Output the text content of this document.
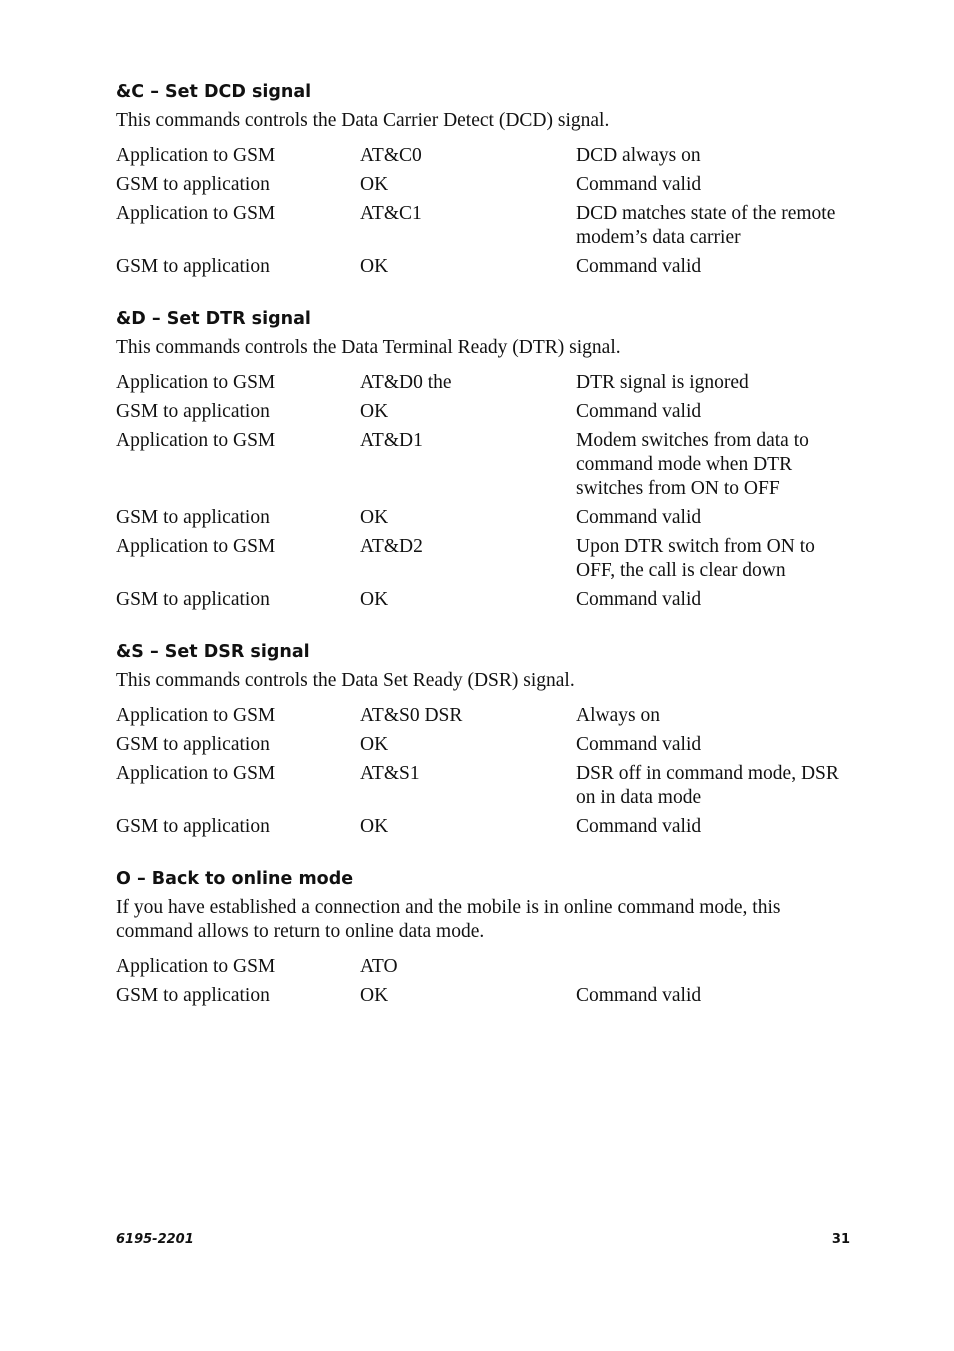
&C – Set DCD signal
This commands controls the Data Carrier Detect (DCD) signal.
Application to GSM	AT&C0	DCD always on
GSM to application	OK	Command valid
Application to GSM	AT&C1	DCD matches state of the remote modem’s data carrier
GSM to application	OK	Command valid
&D – Set DTR signal
This commands controls the Data Terminal Ready (DTR) signal.
Application to GSM	AT&D0 the	DTR signal is ignored
GSM to application	OK	Command valid
Application to GSM	AT&D1	Modem switches from data to command mode when DTR switches from ON to OFF
GSM to application	OK	Command valid
Application to GSM	AT&D2	Upon DTR switch from ON to OFF, the call is clear down
GSM to application	OK	Command valid
&S – Set DSR signal
This commands controls the Data Set Ready (DSR) signal.
Application to GSM	AT&S0 DSR	Always on
GSM to application	OK	Command valid
Application to GSM	AT&S1	DSR off in command mode, DSR on in data mode
GSM to application	OK	Command valid
O – Back to online mode
If you have established a connection and the mobile is in online command mode, this command allows to return to online data mode.
Application to GSM	ATO
GSM to application	OK	Command valid
6195-2201	31
